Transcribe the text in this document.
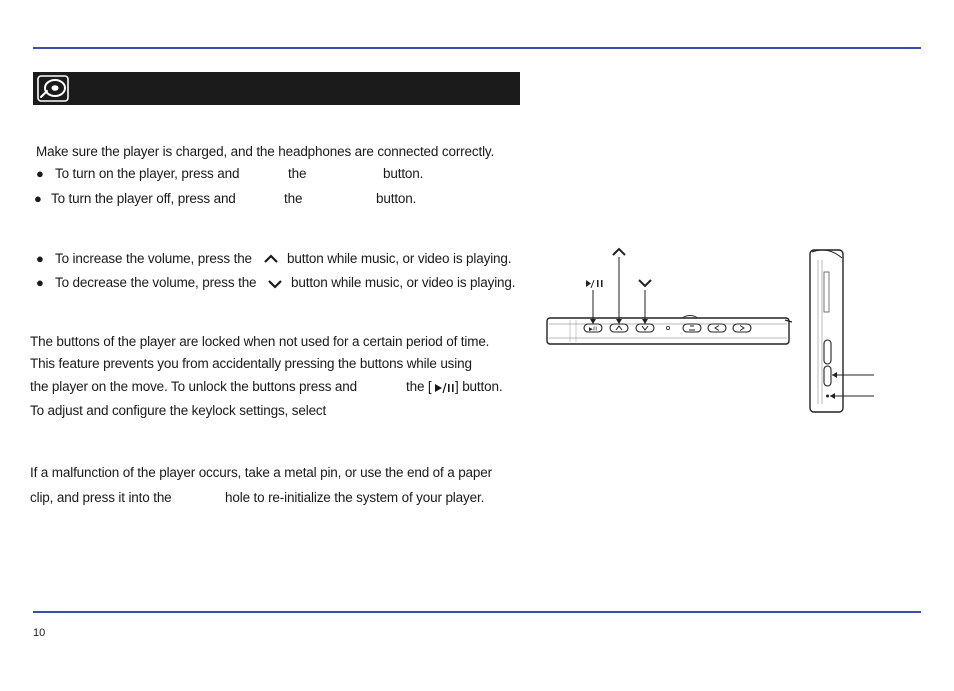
Make sure the player is charged, and the headphones are connected correctly.
● To turn on the player, press and	the	button.
● To turn the player off, press and	the	button.
● To increase the volume, press the	button while music, or video is playing.
● To decrease the volume, press the	button while music, or video is playing.
The buttons of the player are locked when not used for a certain period of time.
This feature prevents you from accidentally pressing the buttons while using
the player on the move. To unlock the buttons press and	the [ ] button.
To adjust and configure the keylock settings, select
If a malfunction of the player occurs, take a metal pin, or use the end of a paper
clip, and press it into the	hole to re-initialize the system of your player.
▶/II
10
